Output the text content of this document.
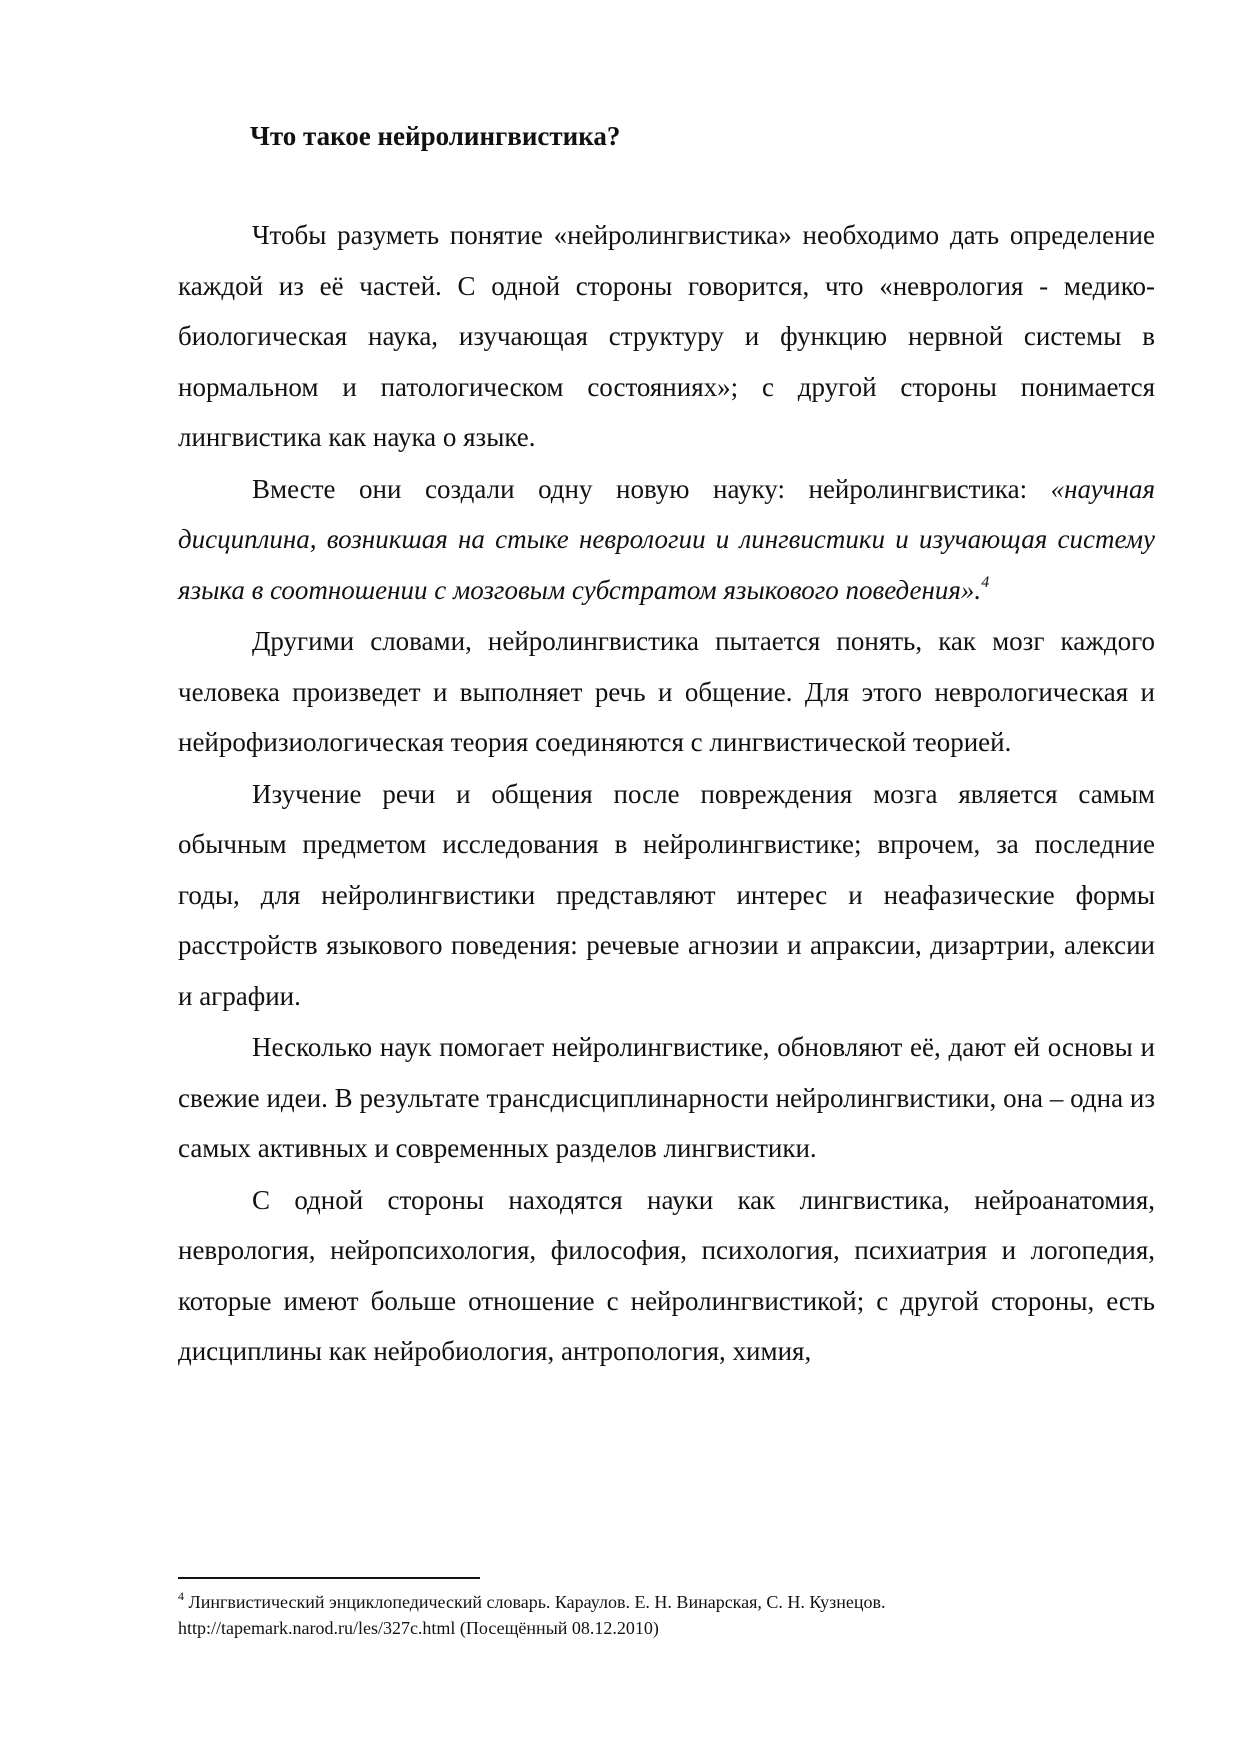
Что такое нейролингвистика?

Чтобы разуметь понятие «нейролингвистика» необходимо дать определение каждой из её частей. С одной стороны говорится, что «неврология - медико-биологическая наука, изучающая структуру и функцию нервной системы в нормальном и патологическом состояниях»; с другой стороны понимается лингвистика как наука о языке.

Вместе они создали одну новую науку: нейролингвистика: «научная дисциплина, возникшая на стыке неврологии и лингвистики и изучающая систему языка в соотношении с мозговым субстратом языкового поведения».$^4$

Другими словами, нейролингвистика пытается понять, как мозг каждого человека произведет и выполняет речь и общение. Для этого неврологическая и нейрофизиологическая теория соединяются с лингвистической теорией.

Изучение речи и общения после повреждения мозга является самым обычным предметом исследования в нейролингвистике; впрочем, за последние годы, для нейролингвистики представляют интерес и неафазические формы расстройств языкового поведения: речевые агнозии и апраксии, дизартрии, алексии и аграфии.

Несколько наук помогает нейролингвистике, обновляют её, дают ей основы и свежие идеи. В результате трансдисциплинарности нейролингвистики, она – одна из самых активных и современных разделов лингвистики.

С одной стороны находятся науки как лингвистика, нейроанатомия, неврология, нейропсихология, философия, психология, психиатрия и логопедия, которые имеют больше отношение с нейролингвистикой; с другой стороны, есть дисциплины как нейробиология, антропология, химия,

$^4$ Лингвистический энциклопедический словарь. Караулов. Е. Н. Винарская, С. Н. Кузнецов.

http://tapemark.narod.ru/les/327c.html (Посещённый 08.12.2010)
